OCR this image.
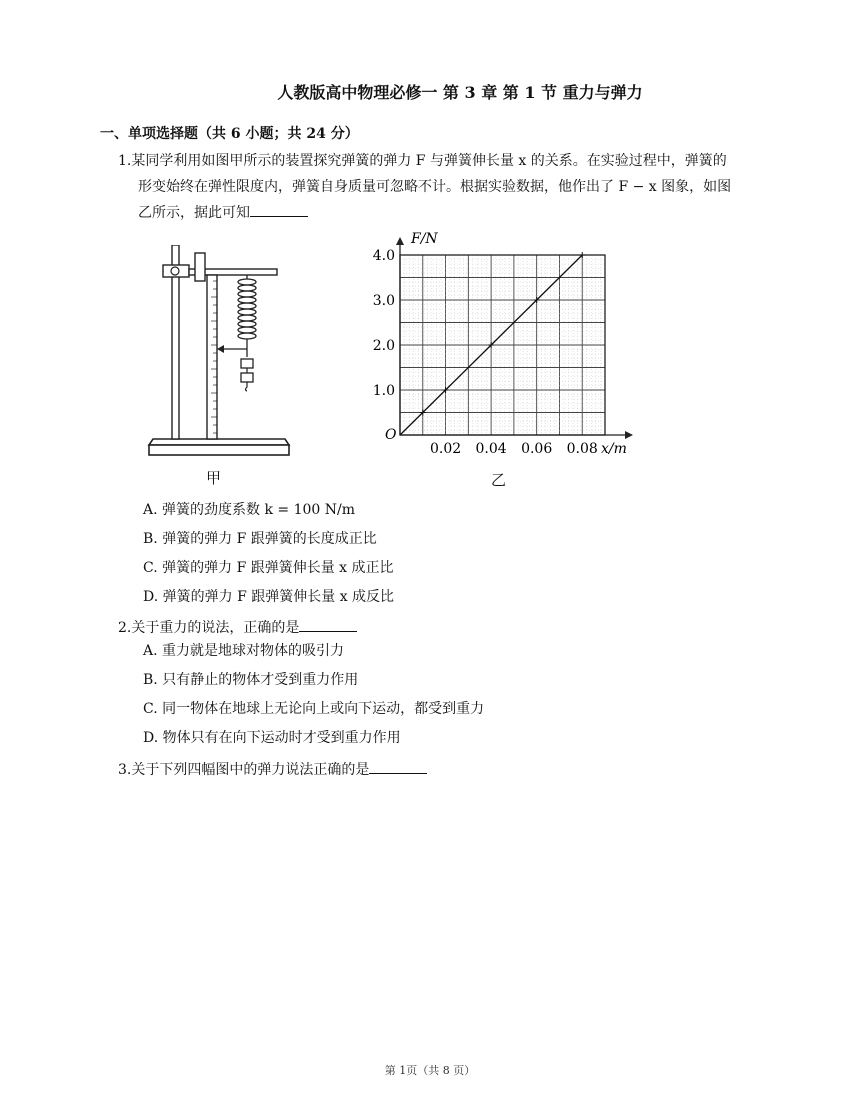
人教版高中物理必修一 第 3 章 第 1 节 重力与弹力
一、单项选择题（共 6 小题；共 24 分）
1.某同学利用如图甲所示的装置探究弹簧的弹力 F 与弹簧伸长量 x 的关系。在实验过程中，弹簧的
形变始终在弹性限度内，弹簧自身质量可忽略不计。根据实验数据，他作出了 F − x 图象，如图
乙所示，据此可知
甲
0.02 0.04 0.06 0.08
1.0
2.0
3.0
4.0
F/N
x/m
O
乙
A. 弹簧的劲度系数 k = 100 N/m
B. 弹簧的弹力 F 跟弹簧的长度成正比
C. 弹簧的弹力 F 跟弹簧伸长量 x 成正比
D. 弹簧的弹力 F 跟弹簧伸长量 x 成反比
2.关于重力的说法，正确的是
A. 重力就是地球对物体的吸引力
B. 只有静止的物体才受到重力作用
C. 同一物体在地球上无论向上或向下运动，都受到重力
D. 物体只有在向下运动时才受到重力作用
3.关于下列四幅图中的弹力说法正确的是
第 1页（共 8 页）
